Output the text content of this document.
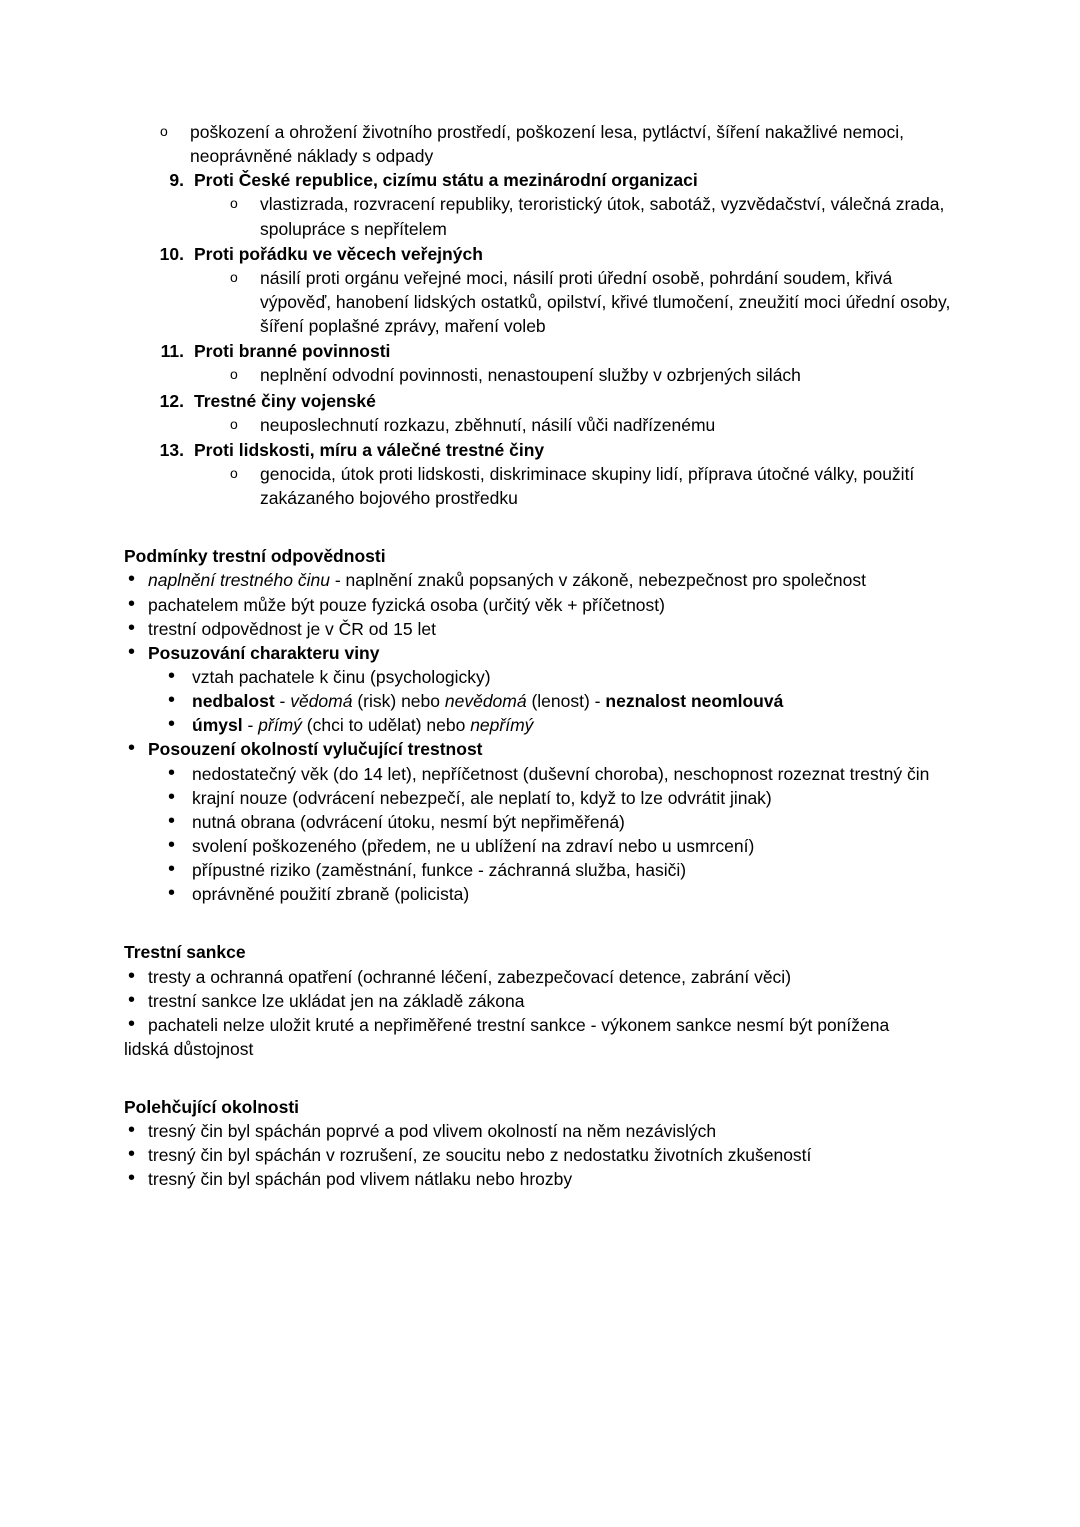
o poškození a ohrožení životního prostředí, poškození lesa, pytláctví, šíření nakažlivé nemoci, neoprávněné náklady s odpady
9. Proti České republice, cizímu státu a mezinárodní organizaci
o vlastizrada, rozvracení republiky, teroristický útok, sabotáž, vyzvědačství, válečná zrada, spolupráce s nepřítelem
10. Proti pořádku ve věcech veřejných
o násilí proti orgánu veřejné moci, násilí proti úřední osobě, pohrdání soudem, křivá výpověď, hanobení lidských ostatků, opilství, křivé tlumočení, zneužití moci úřední osoby, šíření poplašné zprávy, maření voleb
11. Proti branné povinnosti
o neplnění odvodní povinnosti, nenastoupení služby v ozbrjených silách
12. Trestné činy vojenské
o neuposlechnutí rozkazu, zběhnutí, násilí vůči nadřízenému
13. Proti lidskosti, míru a válečné trestné činy
o genocida, útok proti lidskosti, diskriminace skupiny lidí, příprava útočné války, použití zakázaného bojového prostředku
Podmínky trestní odpovědnosti
• naplnění trestného činu - naplnění znaků popsaných v zákoně, nebezpečnost pro společnost
• pachatelem může být pouze fyzická osoba (určitý věk + příčetnost)
• trestní odpovědnost je v ČR od 15 let
• Posuzování charakteru viny
• vztah pachatele k činu (psychologicky)
• nedbalost - vědomá (risk) nebo nevědomá (lenost) - neznalost neomlouvá
• úmysl - přímý (chci to udělat) nebo nepřímý
• Posouzení okolností vylučující trestnost
• nedostatečný věk (do 14 let), nepříčetnost (duševní choroba), neschopnost rozeznat trestný čin
• krajní nouze (odvrácení nebezpečí, ale neplatí to, když to lze odvrátit jinak)
• nutná obrana (odvrácení útoku, nesmí být nepřiměřená)
• svolení poškozeného (předem, ne u ublížení na zdraví nebo u usmrcení)
• přípustné riziko (zaměstnání, funkce - záchranná služba, hasiči)
• oprávněné použití zbraně (policista)
Trestní sankce
• tresty a ochranná opatření (ochranné léčení, zabezpečovací detence, zabrání věci)
• trestní sankce lze ukládat jen na základě zákona
• pachateli nelze uložit kruté a nepřiměřené trestní sankce - výkonem sankce nesmí být ponížena
lidská důstojnost
Polehčující okolnosti
• tresný čin byl spáchán poprvé a pod vlivem okolností na něm nezávislých
• tresný čin byl spáchán v rozrušení, ze soucitu nebo z nedostatku životních zkušeností
• tresný čin byl spáchán pod vlivem nátlaku nebo hrozby
